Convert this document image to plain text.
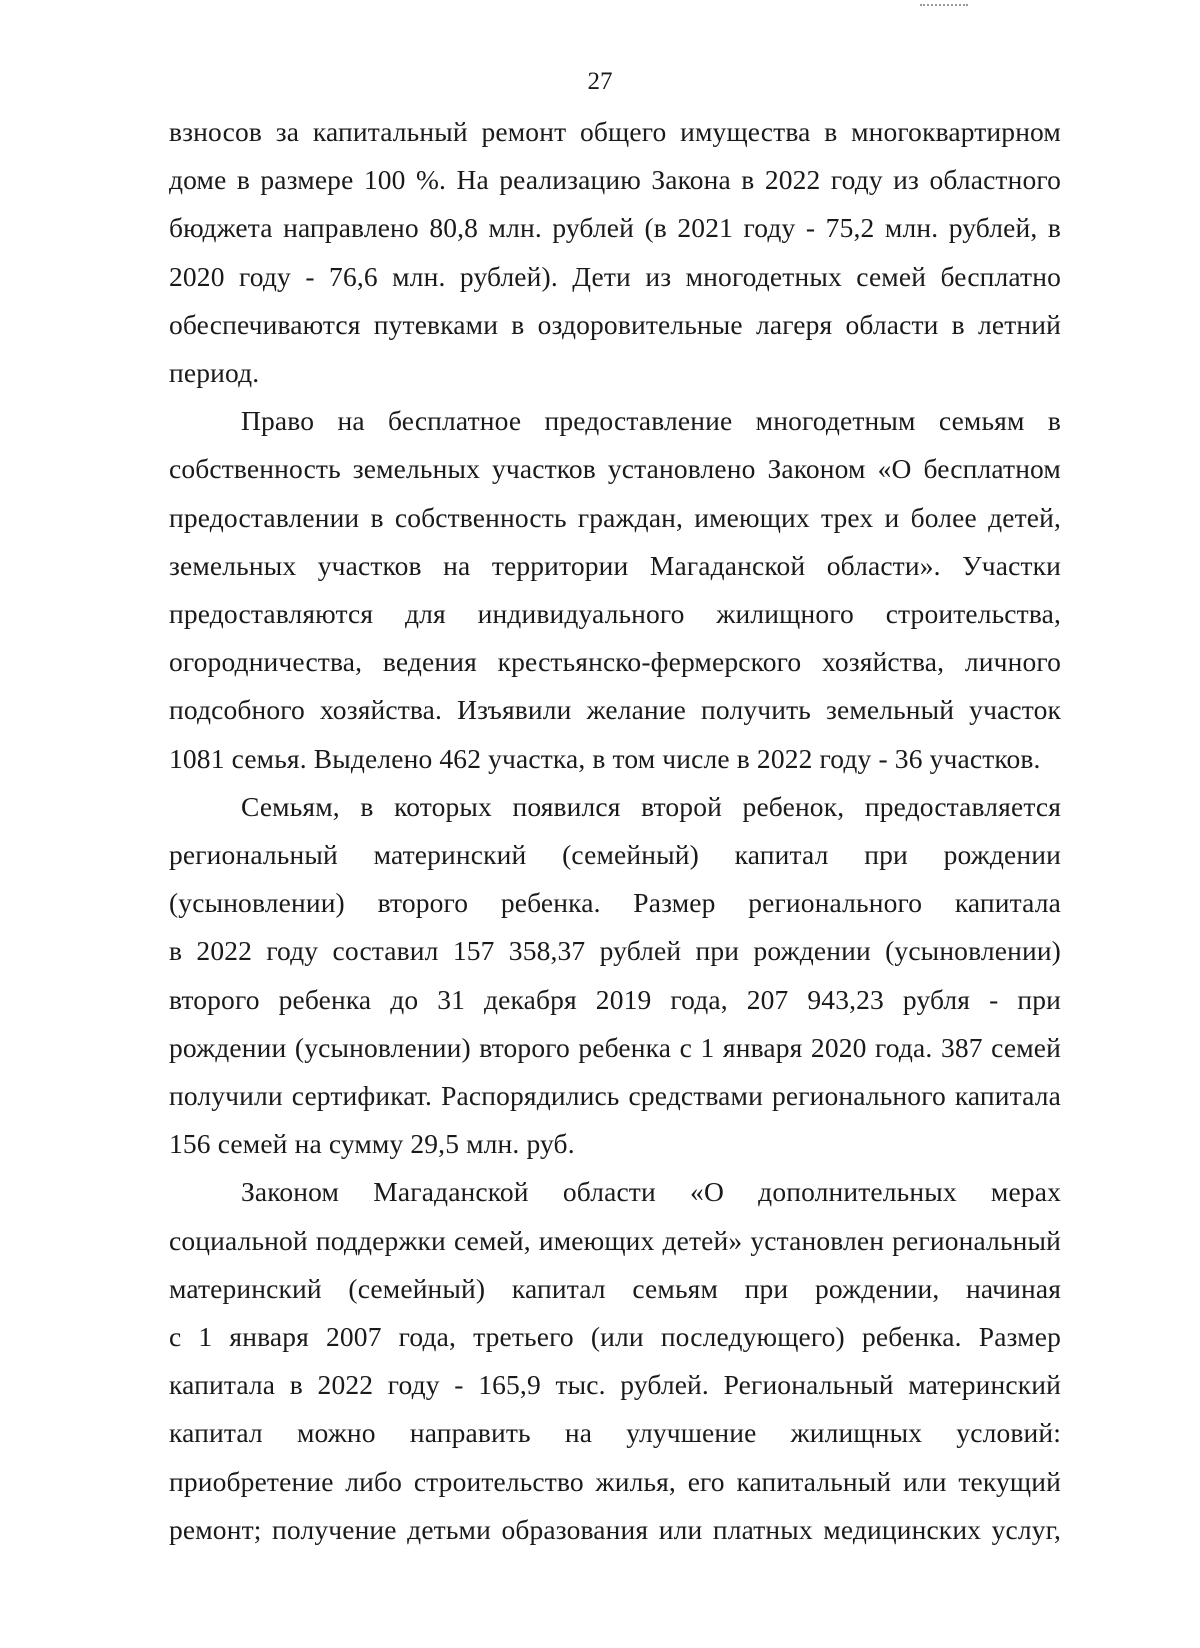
27
взносов за капитальный ремонт общего имущества в многоквартирном
доме в размере 100 %. На реализацию Закона в 2022 году из областного
бюджета направлено 80,8 млн. рублей (в 2021 году - 75,2 млн. рублей, в
2020 году - 76,6 млн. рублей). Дети из многодетных семей бесплатно
обеспечиваются путевками в оздоровительные лагеря области в летний
период.
Право на бесплатное предоставление многодетным семьям в
собственность земельных участков установлено Законом «О бесплатном
предоставлении в собственность граждан, имеющих трех и более детей,
земельных участков на территории Магаданской области». Участки
предоставляются для индивидуального жилищного строительства,
огородничества, ведения крестьянско-фермерского хозяйства, личного
подсобного хозяйства. Изъявили желание получить земельный участок
1081 семья. Выделено 462 участка, в том числе в 2022 году - 36 участков.
Семьям, в которых появился второй ребенок, предоставляется
региональный материнский (семейный) капитал при рождении
(усыновлении) второго ребенка. Размер регионального капитала
в 2022 году составил 157 358,37 рублей при рождении (усыновлении)
второго ребенка до 31 декабря 2019 года, 207 943,23 рубля - при
рождении (усыновлении) второго ребенка с 1 января 2020 года. 387 семей
получили сертификат. Распорядились средствами регионального капитала
156 семей на сумму 29,5 млн. руб.
Законом Магаданской области «О дополнительных мерах
социальной поддержки семей, имеющих детей» установлен региональный
материнский (семейный) капитал семьям при рождении, начиная
с 1 января 2007 года, третьего (или последующего) ребенка. Размер
капитала в 2022 году - 165,9 тыс. рублей. Региональный материнский
капитал можно направить на улучшение жилищных условий:
приобретение либо строительство жилья, его капитальный или текущий
ремонт; получение детьми образования или платных медицинских услуг,
